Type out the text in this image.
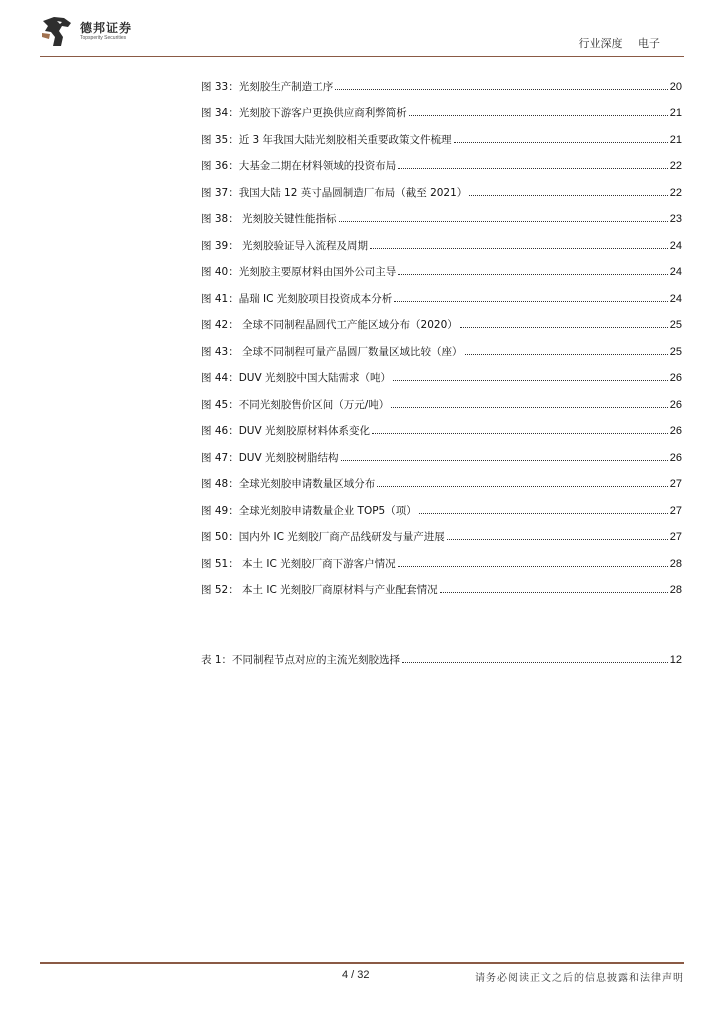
德邦证券
Topsperity Securities	行业深度 电子
图 33：光刻胶生产制造工序	20
图 34：光刻胶下游客户更换供应商利弊简析	21
图 35：近 3 年我国大陆光刻胶相关重要政策文件梳理	21
图 36：大基金二期在材料领域的投资布局	22
图 37：我国大陆 12 英寸晶圆制造厂布局（截至 2021）	22
图 38： 光刻胶关键性能指标	23
图 39： 光刻胶验证导入流程及周期	24
图 40：光刻胶主要原材料由国外公司主导	24
图 41：晶瑞 IC 光刻胶项目投资成本分析	24
图 42： 全球不同制程晶圆代工产能区域分布（2020）	25
图 43： 全球不同制程可量产晶圆厂数量区域比较（座）	25
图 44：DUV 光刻胶中国大陆需求（吨）	26
图 45：不同光刻胶售价区间（万元/吨）	26
图 46：DUV 光刻胶原材料体系变化	26
图 47：DUV 光刻胶树脂结构	26
图 48：全球光刻胶申请数量区域分布	27
图 49：全球光刻胶申请数量企业 TOP5（项）	27
图 50：国内外 IC 光刻胶厂商产品线研发与量产进展	27
图 51： 本土 IC 光刻胶厂商下游客户情况	28
图 52： 本土 IC 光刻胶厂商原材料与产业配套情况	28
表 1：不同制程节点对应的主流光刻胶选择	12
4 / 32	请务必阅读正文之后的信息披露和法律声明
